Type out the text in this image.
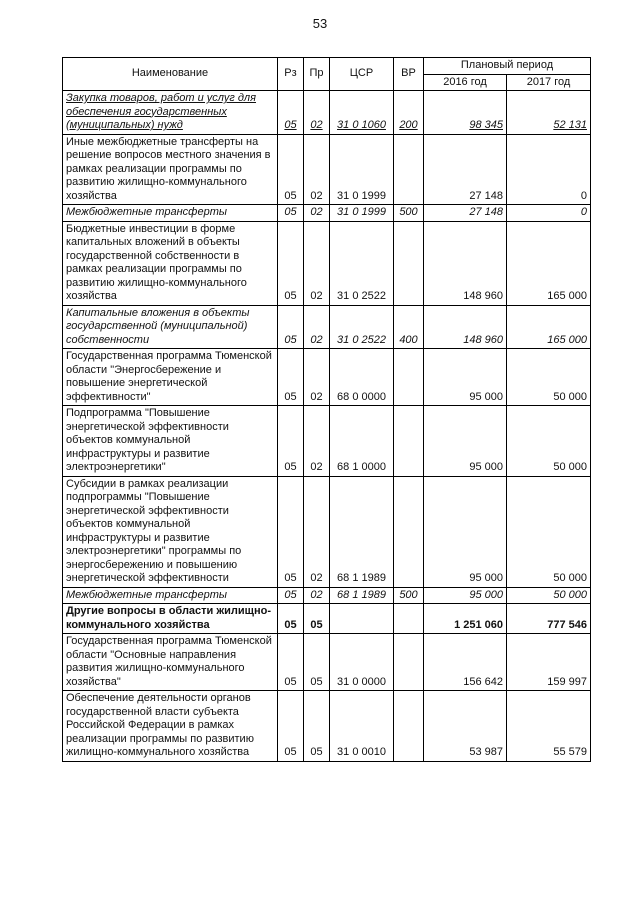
53
Наименование	Рз	Пр	ЦСР	ВР	Плановый период	
					2016 год	2017 год
Закупка товаров, работ и услуг для обеспечения государственных (муниципальных) нужд	05	02	31 0 1060	200	98 345	52 131
Иные межбюджетные трансферты на решение вопросов местного значения в рамках реализации программы по развитию жилищно-коммунального хозяйства	05	02	31 0 1999		27 148	0
Межбюджетные трансферты	05	02	31 0 1999	500	27 148	0
Бюджетные инвестиции в форме капитальных вложений в объекты государственной собственности в рамках реализации программы по развитию жилищно-коммунального хозяйства	05	02	31 0 2522		148 960	165 000
Капитальные вложения в объекты государственной (муниципальной) собственности	05	02	31 0 2522	400	148 960	165 000
Государственная программа Тюменской области "Энергосбережение и повышение энергетической эффективности"	05	02	68 0 0000		95 000	50 000
Подпрограмма "Повышение энергетической эффективности объектов коммунальной инфраструктуры и развитие электроэнергетики"	05	02	68 1 0000		95 000	50 000
Субсидии в рамках реализации подпрограммы "Повышение энергетической эффективности объектов коммунальной инфраструктуры и развитие электроэнергетики" программы по энергосбережению и повышению энергетической эффективности	05	02	68 1 1989		95 000	50 000
Межбюджетные трансферты	05	02	68 1 1989	500	95 000	50 000
Другие вопросы в области жилищно-коммунального хозяйства	05	05			1 251 060	777 546
Государственная программа Тюменской области "Основные направления развития жилищно-коммунального хозяйства"	05	05	31 0 0000		156 642	159 997
Обеспечение деятельности органов государственной власти субъекта Российской Федерации в рамках реализации программы по развитию жилищно-коммунального хозяйства	05	05	31 0 0010		53 987	55 579
